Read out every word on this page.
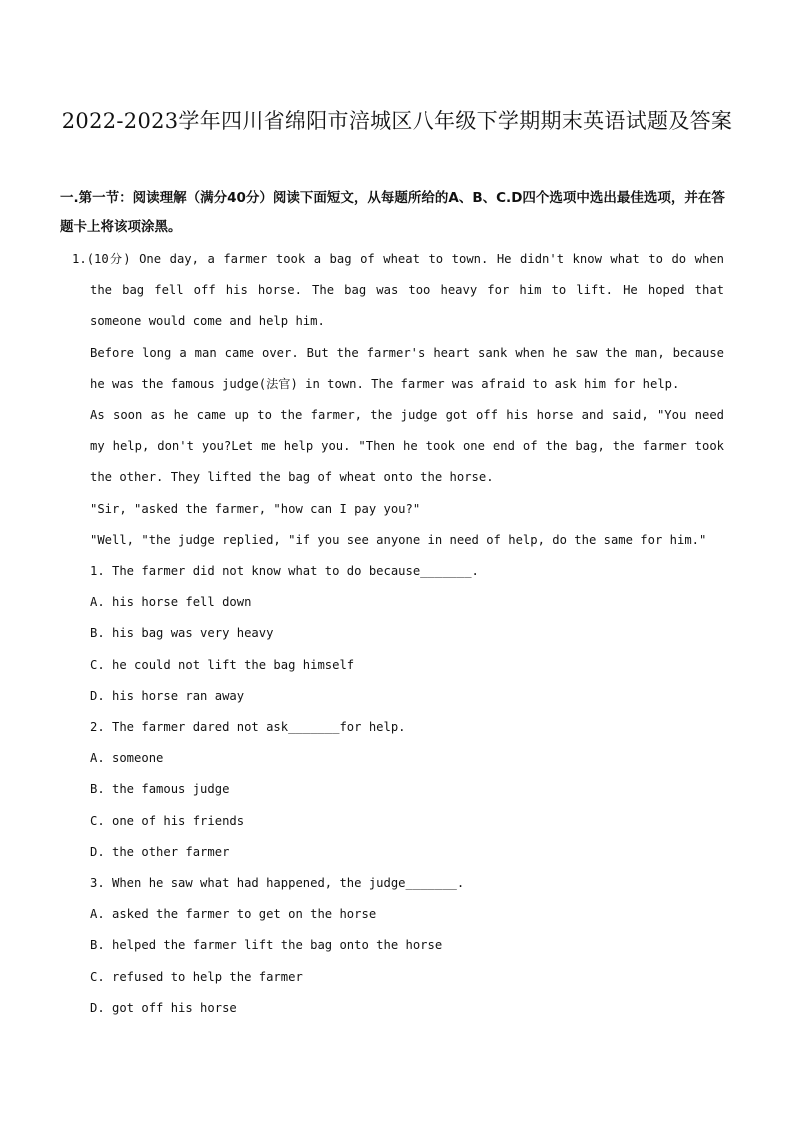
2022-2023学年四川省绵阳市涪城区八年级下学期期末英语试题及答案

一.第一节：阅读理解（满分40分）阅读下面短文，从每题所给的A、B、C.D四个选项中选出最佳选项，并在答题卡上将该项涂黑。

1.(10分) One day, a farmer took a bag of wheat to town. He didn't know what to do when the bag fell off his horse. The bag was too heavy for him to lift. He hoped that someone would come and help him.

Before long a man came over. But the farmer's heart sank when he saw the man, because he was the famous judge(法官) in town. The farmer was afraid to ask him for help.

As soon as he came up to the farmer, the judge got off his horse and said, "You need my help, don't you?Let me help you. "Then he took one end of the bag, the farmer took the other. They lifted the bag of wheat onto the horse.

"Sir, "asked the farmer, "how can I pay you?"

"Well, "the judge replied, "if you see anyone in need of help, do the same for him."

1. The farmer did not know what to do because_______.

A. his horse fell down

B. his bag was very heavy

C. he could not lift the bag himself

D. his horse ran away

2. The farmer dared not ask_______for help.

A. someone

B. the famous judge

C. one of his friends

D. the other farmer

3. When he saw what had happened, the judge_______.

A. asked the farmer to get on the horse

B. helped the farmer lift the bag onto the horse

C. refused to help the farmer

D. got off his horse
